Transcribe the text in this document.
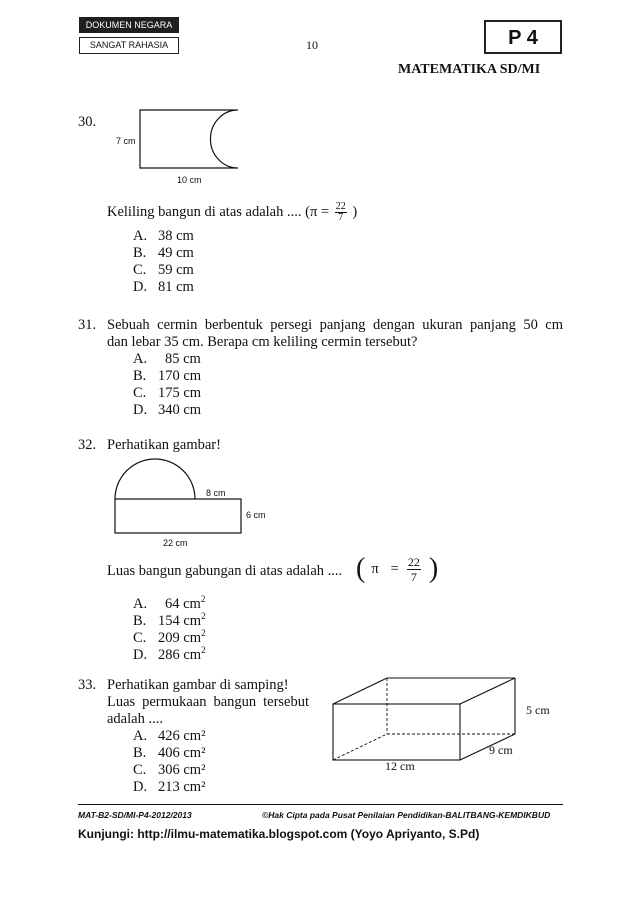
DOKUMEN NEGARA
SANGAT RAHASIA	10	P 4
MATEMATIKA SD/MI
30.
7 cm
10 cm
Keliling bangun di atas adalah .... ($\pi = \frac{22}{7}$ )
A. 38 cm
B. 49 cm
C. 59 cm
D. 81 cm
31. Sebuah cermin berbentuk persegi panjang dengan ukuran panjang 50 cm
dan lebar 35 cm. Berapa cm keliling cermin tersebut?
A. 85 cm
B. 170 cm
C. 175 cm
D. 340 cm
32. Perhatikan gambar!
8 cm
6 cm
22 cm
Luas bangun gabungan di atas adalah .... ( $\pi = \frac{22}{7}$ )
A. 64 $cm^2$
B. 154 $cm^2$
C. 209 $cm^2$
D. 286 $cm^2$
33. Perhatikan gambar di samping!
Luas permukaan bangun tersebut
adalah ....
5 cm
9 cm
12 cm
A. 426 cm²
B. 406 cm²
C. 306 cm²
D. 213 cm²
MAT-B2-SD/MI-P4-2012/2013	©Hak Cipta pada Pusat Penilaian Pendidikan-BALITBANG-KEMDIKBUD
Kunjungi: http://ilmu-matematika.blogspot.com (Yoyo Apriyanto, S.Pd)
